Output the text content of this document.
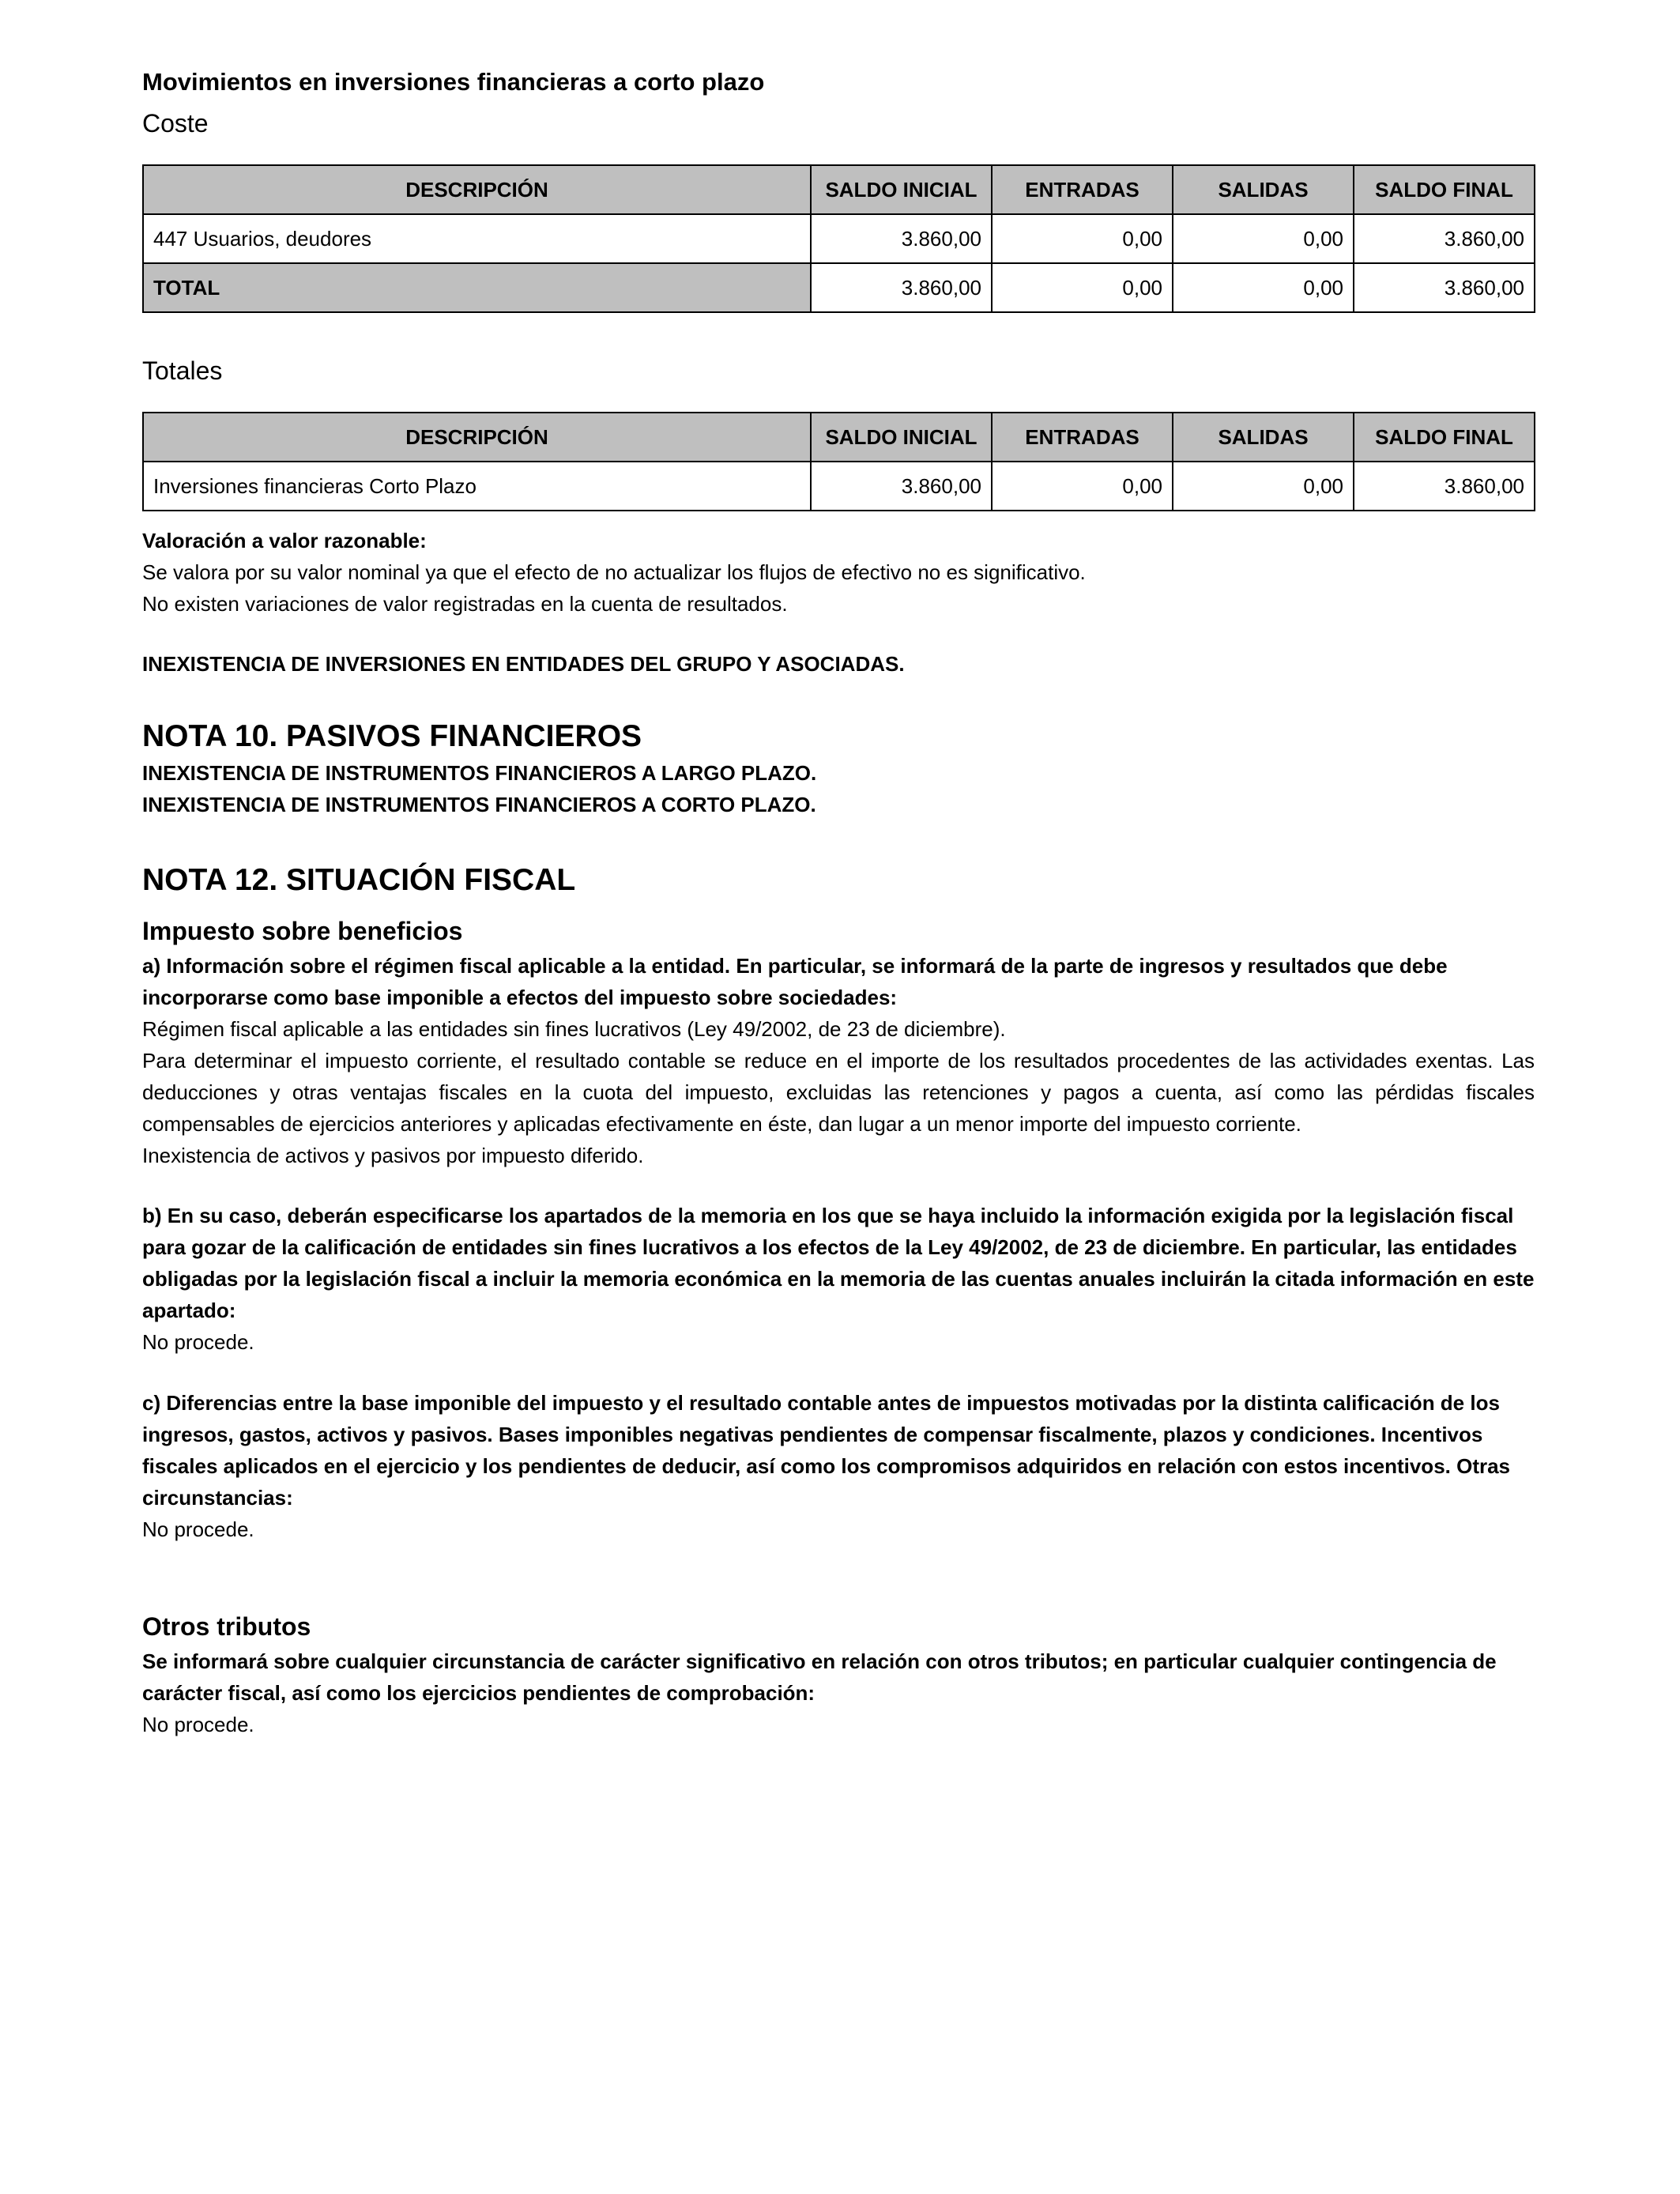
Movimientos en inversiones financieras a corto plazo
Coste
DESCRIPCIÓN	SALDO INICIAL	ENTRADAS	SALIDAS	SALDO FINAL
447 Usuarios, deudores	3.860,00	0,00	0,00	3.860,00
TOTAL	3.860,00	0,00	0,00	3.860,00
Totales
DESCRIPCIÓN	SALDO INICIAL	ENTRADAS	SALIDAS	SALDO FINAL
Inversiones financieras Corto Plazo	3.860,00	0,00	0,00	3.860,00

Valoración a valor razonable:

Se valora por su valor nominal ya que el efecto de no actualizar los flujos de efectivo no es significativo.

No existen variaciones de valor registradas en la cuenta de resultados.

INEXISTENCIA DE INVERSIONES EN ENTIDADES DEL GRUPO Y ASOCIADAS.
NOTA 10. PASIVOS FINANCIEROS

INEXISTENCIA DE INSTRUMENTOS FINANCIEROS A LARGO PLAZO.

INEXISTENCIA DE INSTRUMENTOS FINANCIEROS A CORTO PLAZO.

NOTA 12. SITUACIÓN FISCAL
Impuesto sobre beneficios

a) Información sobre el régimen fiscal aplicable a la entidad. En particular, se informará de la parte de ingresos y resultados que debe incorporarse como base imponible a efectos del impuesto sobre sociedades:

Régimen fiscal aplicable a las entidades sin fines lucrativos (Ley 49/2002, de 23 de diciembre).

Para determinar el impuesto corriente, el resultado contable se reduce en el importe de los resultados procedentes de las actividades exentas. Las deducciones y otras ventajas fiscales en la cuota del impuesto, excluidas las retenciones y pagos a cuenta, así como las pérdidas fiscales compensables de ejercicios anteriores y aplicadas efectivamente en éste, dan lugar a un menor importe del impuesto corriente.

Inexistencia de activos y pasivos por impuesto diferido.

b) En su caso, deberán especificarse los apartados de la memoria en los que se haya incluido la información exigida por la legislación fiscal para gozar de la calificación de entidades sin fines lucrativos a los efectos de la Ley 49/2002, de 23 de diciembre. En particular, las entidades obligadas por la legislación fiscal a incluir la memoria económica en la memoria de las cuentas anuales incluirán la citada información en este apartado:

No procede.

c) Diferencias entre la base imponible del impuesto y el resultado contable antes de impuestos motivadas por la distinta calificación de los ingresos, gastos, activos y pasivos. Bases imponibles negativas pendientes de compensar fiscalmente, plazos y condiciones. Incentivos fiscales aplicados en el ejercicio y los pendientes de deducir, así como los compromisos adquiridos en relación con estos incentivos. Otras circunstancias:

No procede.

Otros tributos

Se informará sobre cualquier circunstancia de carácter significativo en relación con otros tributos; en particular cualquier contingencia de carácter fiscal, así como los ejercicios pendientes de comprobación:

No procede.
